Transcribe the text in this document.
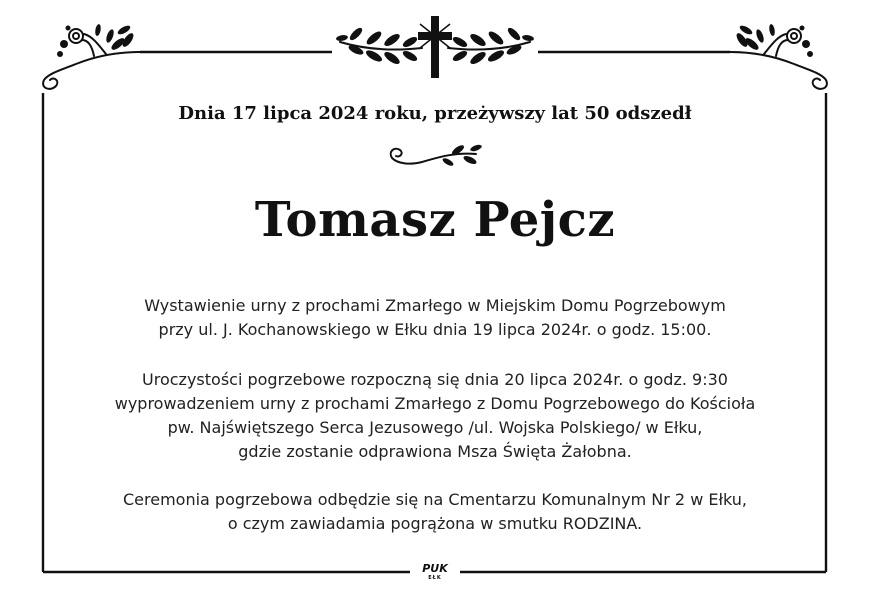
Dnia 17 lipca 2024 roku, przeżywszy lat 50 odszedł
Tomasz Pejcz
Wystawienie urny z prochami Zmarłego w Miejskim Domu Pogrzebowym
przy ul. J. Kochanowskiego w Ełku dnia 19 lipca 2024r. o godz. 15:00.
Uroczystości pogrzebowe rozpoczną się dnia 20 lipca 2024r. o godz. 9:30
wyprowadzeniem urny z prochami Zmarłego z Domu Pogrzebowego do Kościoła
pw. Najświętszego Serca Jezusowego /ul. Wojska Polskiego/ w Ełku,
gdzie zostanie odprawiona Msza Święta Żałobna.
Ceremonia pogrzebowa odbędzie się na Cmentarzu Komunalnym Nr 2 w Ełku,
o czym zawiadamia pogrążona w smutku RODZINA.
PUK
EŁK
